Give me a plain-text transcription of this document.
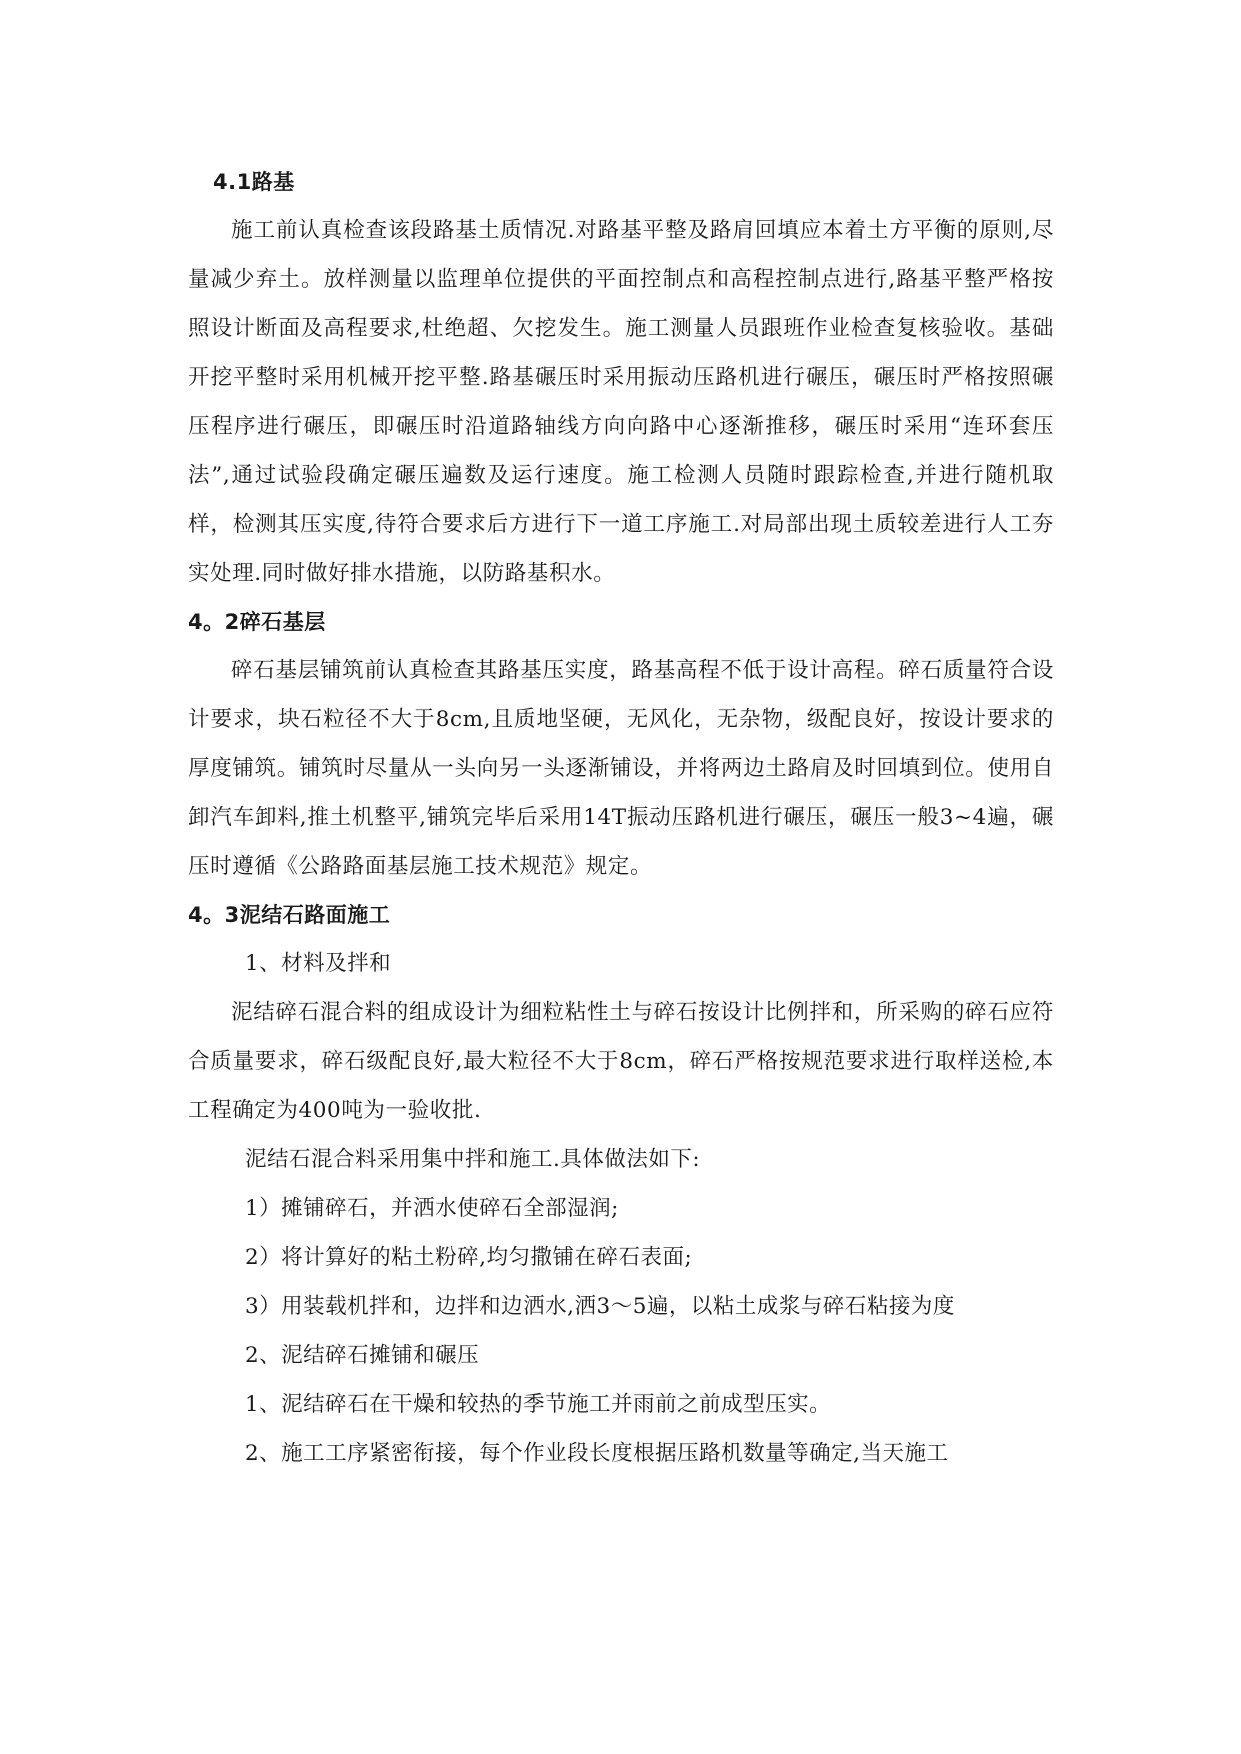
4.1路基

施工前认真检查该段路基土质情况.对路基平整及路肩回填应本着土方平衡的原则,尽量减少弃土。放样测量以监理单位提供的平面控制点和高程控制点进行,路基平整严格按照设计断面及高程要求,杜绝超、欠挖发生。施工测量人员跟班作业检查复核验收。基础开挖平整时采用机械开挖平整.路基碾压时采用振动压路机进行碾压，碾压时严格按照碾压程序进行碾压，即碾压时沿道路轴线方向向路中心逐渐推移，碾压时采用“连环套压法”,通过试验段确定碾压遍数及运行速度。施工检测人员随时跟踪检查,并进行随机取样，检测其压实度,待符合要求后方进行下一道工序施工.对局部出现土质较差进行人工夯实处理.同时做好排水措施，以防路基积水。

4。2碎石基层

碎石基层铺筑前认真检查其路基压实度，路基高程不低于设计高程。碎石质量符合设计要求，块石粒径不大于8cm,且质地坚硬，无风化，无杂物，级配良好，按设计要求的厚度铺筑。铺筑时尽量从一头向另一头逐渐铺设，并将两边土路肩及时回填到位。使用自卸汽车卸料,推土机整平,铺筑完毕后采用14T振动压路机进行碾压，碾压一般3~4遍，碾压时遵循《公路路面基层施工技术规范》规定。

4。3泥结石路面施工
1、材料及拌和

泥结碎石混合料的组成设计为细粒粘性土与碎石按设计比例拌和，所采购的碎石应符合质量要求，碎石级配良好,最大粒径不大于8cm，碎石严格按规范要求进行取样送检,本工程确定为400吨为一验收批.

泥结石混合料采用集中拌和施工.具体做法如下:
1）摊铺碎石，并洒水使碎石全部湿润;
2）将计算好的粘土粉碎,均匀撒铺在碎石表面;
3）用装载机拌和，边拌和边洒水,洒3～5遍，以粘土成浆与碎石粘接为度
2、泥结碎石摊铺和碾压
1、泥结碎石在干燥和较热的季节施工并雨前之前成型压实。
2、施工工序紧密衔接，每个作业段长度根据压路机数量等确定,当天施工
